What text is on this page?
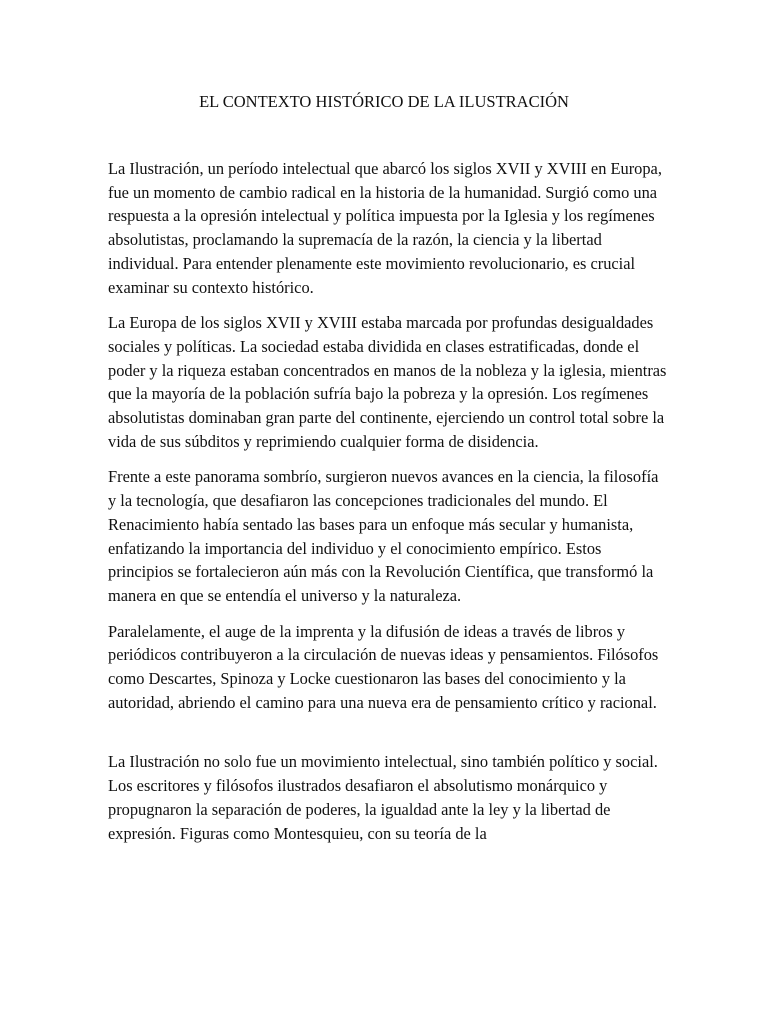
EL CONTEXTO HISTÓRICO DE LA ILUSTRACIÓN

La Ilustración, un período intelectual que abarcó los siglos XVII y XVIII en Europa, fue un momento de cambio radical en la historia de la humanidad. Surgió como una respuesta a la opresión intelectual y política impuesta por la Iglesia y los regímenes absolutistas, proclamando la supremacía de la razón, la ciencia y la libertad individual. Para entender plenamente este movimiento revolucionario, es crucial examinar su contexto histórico.

La Europa de los siglos XVII y XVIII estaba marcada por profundas desigualdades sociales y políticas. La sociedad estaba dividida en clases estratificadas, donde el poder y la riqueza estaban concentrados en manos de la nobleza y la iglesia, mientras que la mayoría de la población sufría bajo la pobreza y la opresión. Los regímenes absolutistas dominaban gran parte del continente, ejerciendo un control total sobre la vida de sus súbditos y reprimiendo cualquier forma de disidencia.

Frente a este panorama sombrío, surgieron nuevos avances en la ciencia, la filosofía y la tecnología, que desafiaron las concepciones tradicionales del mundo. El Renacimiento había sentado las bases para un enfoque más secular y humanista, enfatizando la importancia del individuo y el conocimiento empírico. Estos principios se fortalecieron aún más con la Revolución Científica, que transformó la manera en que se entendía el universo y la naturaleza.

Paralelamente, el auge de la imprenta y la difusión de ideas a través de libros y periódicos contribuyeron a la circulación de nuevas ideas y pensamientos. Filósofos como Descartes, Spinoza y Locke cuestionaron las bases del conocimiento y la autoridad, abriendo el camino para una nueva era de pensamiento crítico y racional.

La Ilustración no solo fue un movimiento intelectual, sino también político y social. Los escritores y filósofos ilustrados desafiaron el absolutismo monárquico y propugnaron la separación de poderes, la igualdad ante la ley y la libertad de expresión. Figuras como Montesquieu, con su teoría de la
